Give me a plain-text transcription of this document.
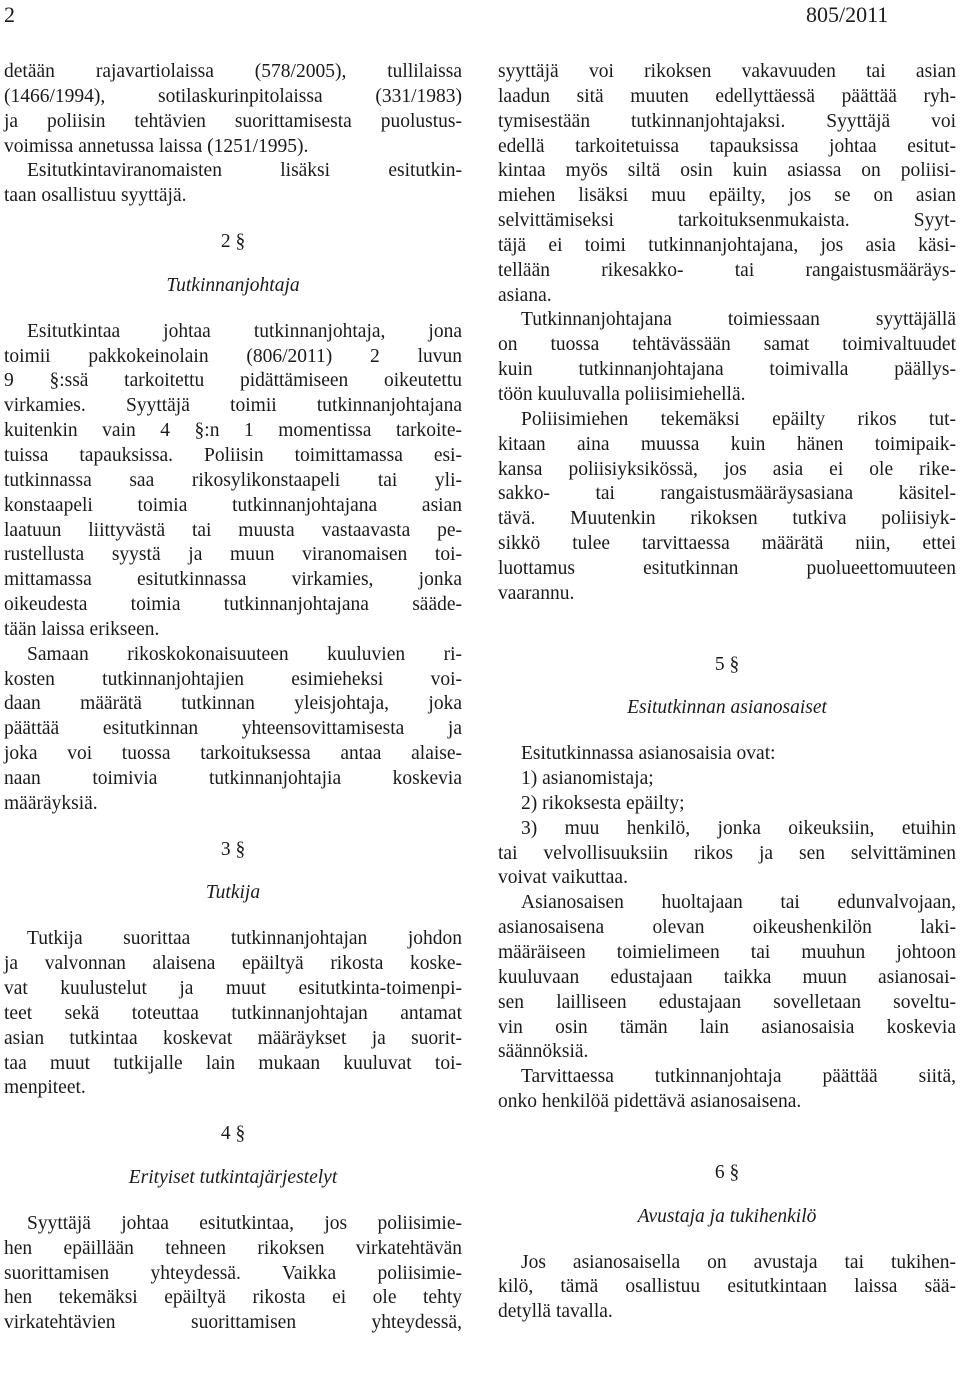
2	805/2011
detään rajavartiolaissa (578/2005), tullilaissa
(1466/1994), sotilaskurinpitolaissa (331/1983)
ja poliisin tehtävien suorittamisesta puolustus-
voimissa annetussa laissa (1251/1995).
Esitutkintaviranomaisten lisäksi esitutkin-
taan osallistuu syyttäjä.
2 §
Tutkinnanjohtaja
Esitutkintaa johtaa tutkinnanjohtaja, jona
toimii pakkokeinolain (806/2011) 2 luvun
9 §:ssä tarkoitettu pidättämiseen oikeutettu
virkamies. Syyttäjä toimii tutkinnanjohtajana
kuitenkin vain 4 §:n 1 momentissa tarkoite-
tuissa tapauksissa. Poliisin toimittamassa esi-
tutkinnassa saa rikosylikonstaapeli tai yli-
konstaapeli toimia tutkinnanjohtajana asian
laatuun liittyvästä tai muusta vastaavasta pe-
rustellusta syystä ja muun viranomaisen toi-
mittamassa esitutkinnassa virkamies, jonka
oikeudesta toimia tutkinnanjohtajana sääde-
tään laissa erikseen.
Samaan rikoskokonaisuuteen kuuluvien ri-
kosten tutkinnanjohtajien esimieheksi voi-
daan määrätä tutkinnan yleisjohtaja, joka
päättää esitutkinnan yhteensovittamisesta ja
joka voi tuossa tarkoituksessa antaa alaise-
naan toimivia tutkinnanjohtajia koskevia
määräyksiä.
3 §
Tutkija
Tutkija suorittaa tutkinnanjohtajan johdon
ja valvonnan alaisena epäiltyä rikosta koske-
vat kuulustelut ja muut esitutkinta-toimenpi-
teet sekä toteuttaa tutkinnanjohtajan antamat
asian tutkintaa koskevat määräykset ja suorit-
taa muut tutkijalle lain mukaan kuuluvat toi-
menpiteet.
4 §
Erityiset tutkintajärjestelyt
Syyttäjä johtaa esitutkintaa, jos poliisimie-
hen epäillään tehneen rikoksen virkatehtävän
suorittamisen yhteydessä. Vaikka poliisimie-
hen tekemäksi epäiltyä rikosta ei ole tehty
virkatehtävien suorittamisen yhteydessä,
syyttäjä voi rikoksen vakavuuden tai asian
laadun sitä muuten edellyttäessä päättää ryh-
tymisestään tutkinnanjohtajaksi. Syyttäjä voi
edellä tarkoitetuissa tapauksissa johtaa esitut-
kintaa myös siltä osin kuin asiassa on poliisi-
miehen lisäksi muu epäilty, jos se on asian
selvittämiseksi tarkoituksenmukaista. Syyt-
täjä ei toimi tutkinnanjohtajana, jos asia käsi-
tellään rikesakko- tai rangaistusmääräys-
asiana.
Tutkinnanjohtajana toimiessaan syyttäjällä
on tuossa tehtävässään samat toimivaltuudet
kuin tutkinnanjohtajana toimivalla päällys-
töön kuuluvalla poliisimiehellä.
Poliisimiehen tekemäksi epäilty rikos tut-
kitaan aina muussa kuin hänen toimipaik-
kansa poliisiyksikössä, jos asia ei ole rike-
sakko- tai rangaistusmääräysasiana käsitel-
tävä. Muutenkin rikoksen tutkiva poliisiyk-
sikkö tulee tarvittaessa määrätä niin, ettei
luottamus esitutkinnan puolueettomuuteen
vaarannu.
5 §
Esitutkinnan asianosaiset
Esitutkinnassa asianosaisia ovat:
1) asianomistaja;
2) rikoksesta epäilty;
3) muu henkilö, jonka oikeuksiin, etuihin
tai velvollisuuksiin rikos ja sen selvittäminen
voivat vaikuttaa.
Asianosaisen huoltajaan tai edunvalvojaan,
asianosaisena olevan oikeushenkilön laki-
määräiseen toimielimeen tai muuhun johtoon
kuuluvaan edustajaan taikka muun asianosai-
sen lailliseen edustajaan sovelletaan soveltu-
vin osin tämän lain asianosaisia koskevia
säännöksiä.
Tarvittaessa tutkinnanjohtaja päättää siitä,
onko henkilöä pidettävä asianosaisena.
6 §
Avustaja ja tukihenkilö
Jos asianosaisella on avustaja tai tukihen-
kilö, tämä osallistuu esitutkintaan laissa sää-
detyllä tavalla.
